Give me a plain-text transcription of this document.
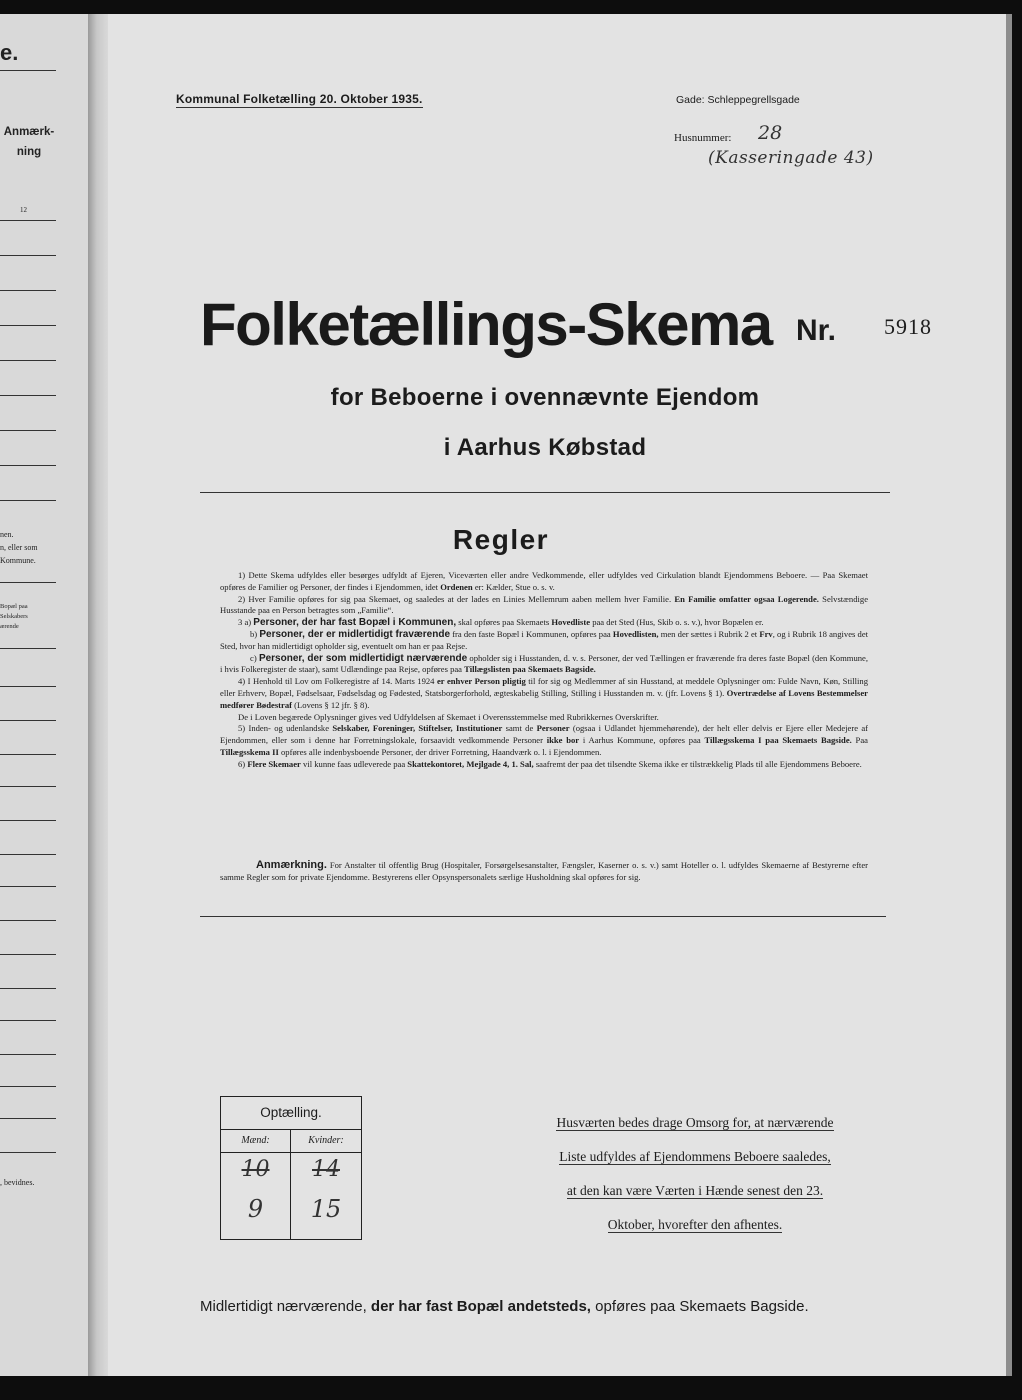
e.
Anmærk-
ning
12
nen.
n, eller som
Kommune.
Bopæl paa
Selskabers
ærende
, bevidnes.
Kommunal Folketælling 20. Oktober 1935.	Gade: Schleppegrellsgade
Husnummer: 28
(Kasseringade 43)
Folketællings-Skema Nr. 5918
for Beboerne i ovennævnte Ejendom
i Aarhus Købstad
Regler

1) Dette Skema udfyldes eller besørges udfyldt af Ejeren, Viceværten eller andre Vedkommende, eller udfyldes ved Cirkulation blandt Ejendommens Beboere. — Paa Skemaet opføres de Familier og Personer, der findes i Ejendommen, idet Ordenen er: Kælder, Stue o. s. v.

2) Hver Familie opføres for sig paa Skemaet, og saaledes at der lades en Linies Mellemrum aaben mellem hver Familie. En Familie omfatter ogsaa Logerende. Selvstændige Husstande paa en Person betragtes som „Familie“.

3 a) Personer, der har fast Bopæl i Kommunen, skal opføres paa Skemaets Hovedliste paa det Sted (Hus, Skib o. s. v.), hvor Bopælen er.

b) Personer, der er midlertidigt fraværende fra den faste Bopæl i Kommunen, opføres paa Hovedlisten, men der sættes i Rubrik 2 et Frv, og i Rubrik 18 angives det Sted, hvor han midlertidigt opholder sig, eventuelt om han er paa Rejse.

c) Personer, der som midlertidigt nærværende opholder sig i Husstanden, d. v. s. Personer, der ved Tællingen er fraværende fra deres faste Bopæl (den Kommune, i hvis Folkeregister de staar), samt Udlændinge paa Rejse, opføres paa Tillægslisten paa Skemaets Bagside.

4) I Henhold til Lov om Folkeregistre af 14. Marts 1924 er enhver Person pligtig til for sig og Medlemmer af sin Husstand, at meddele Oplysninger om: Fulde Navn, Køn, Stilling eller Erhverv, Bopæl, Fødselsaar, Fødselsdag og Fødested, Statsborgerforhold, ægteskabelig Stilling, Stilling i Husstanden m. v. (jfr. Lovens § 1). Overtrædelse af Lovens Bestemmelser medfører Bødestraf (Lovens § 12 jfr. § 8).

De i Loven begærede Oplysninger gives ved Udfyldelsen af Skemaet i Overensstemmelse med Rubrikkernes Overskrifter.

5) Inden- og udenlandske Selskaber, Foreninger, Stiftelser, Institutioner samt de Personer (ogsaa i Udlandet hjemmehørende), der helt eller delvis er Ejere eller Medejere af Ejendommen, eller som i denne har Forretningslokale, forsaavidt vedkommende Personer ikke bor i Aarhus Kommune, opføres paa Tillægsskema I paa Skemaets Bagside. Paa Tillægsskema II opføres alle indenbysboende Personer, der driver Forretning, Haandværk o. l. i Ejendommen.

6) Flere Skemaer vil kunne faas udleverede paa Skattekontoret, Mejlgade 4, 1. Sal, saafremt der paa det tilsendte Skema ikke er tilstrækkelig Plads til alle Ejendommens Beboere.

Anmærkning. For Anstalter til offentlig Brug (Hospitaler, Forsørgelsesanstalter, Fængsler, Kaserner o. s. v.) samt Hoteller o. l. udfyldes Skemaerne af Bestyrerne efter samme Regler som for private Ejendomme. Bestyrerens eller Opsynspersonalets særlige Husholdning skal opføres for sig.
Optælling.
Mænd:	Kvinder:
10	14
9	15
Husværten bedes drage Omsorg for, at nærværende
Liste udfyldes af Ejendommens Beboere saaledes,
at den kan være Værten i Hænde senest den 23.
Oktober, hvorefter den afhentes.
Midlertidigt nærværende, der har fast Bopæl andetsteds, opføres paa Skemaets Bagside.
